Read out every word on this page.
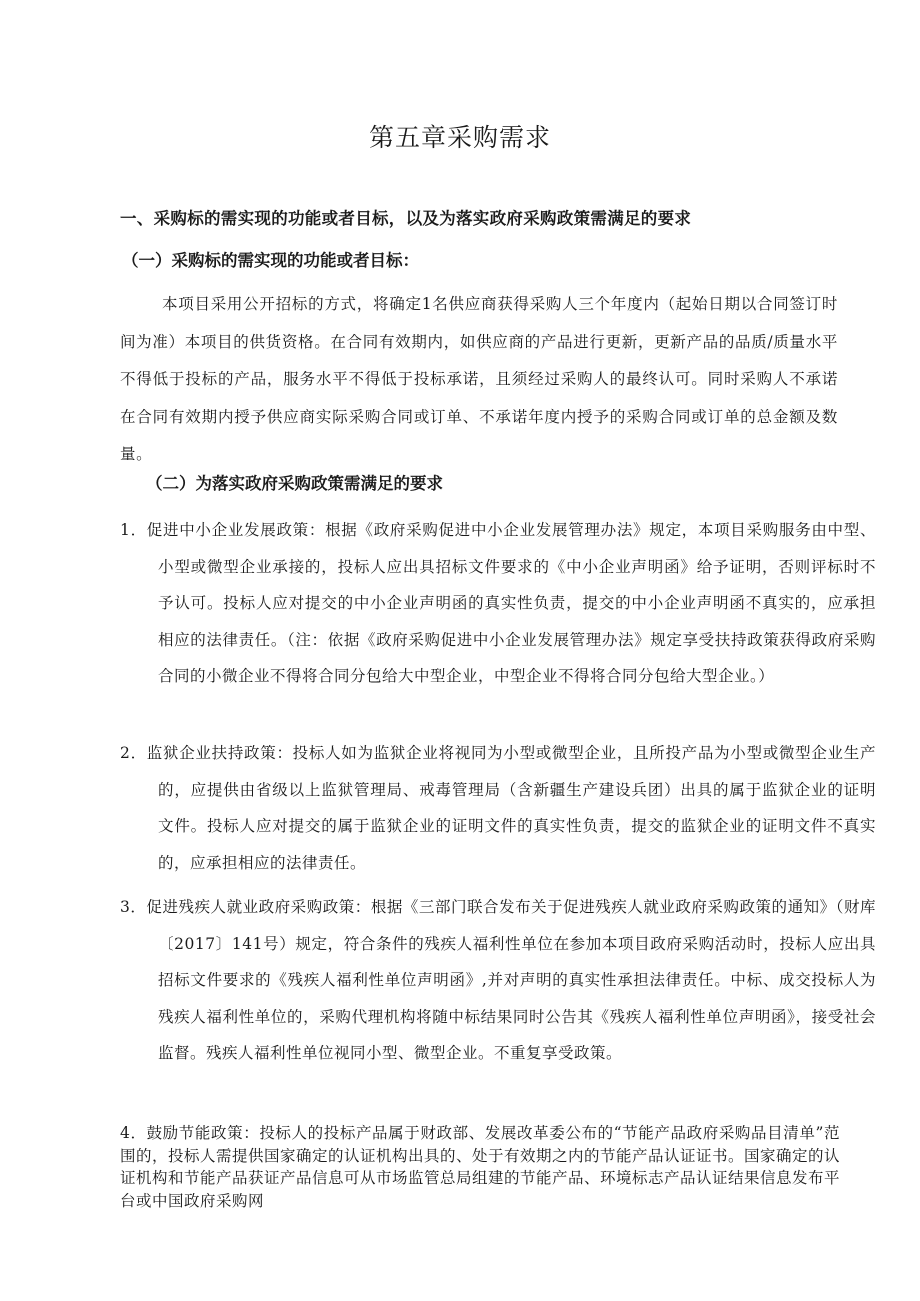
第五章采购需求
一、采购标的需实现的功能或者目标，以及为落实政府采购政策需满足的要求
（一）采购标的需实现的功能或者目标：
本项目采用公开招标的方式，将确定1名供应商获得采购人三个年度内（起始日期以合同签订时间为准）本项目的供货资格。在合同有效期内，如供应商的产品进行更新，更新产品的品质/质量水平不得低于投标的产品，服务水平不得低于投标承诺，且须经过采购人的最终认可。同时采购人不承诺在合同有效期内授予供应商实际采购合同或订单、不承诺年度内授予的采购合同或订单的总金额及数量。
（二）为落实政府采购政策需满足的要求
1．促进中小企业发展政策：根据《政府采购促进中小企业发展管理办法》规定，本项目采购服务由中型、小型或微型企业承接的，投标人应出具招标文件要求的《中小企业声明函》给予证明，否则评标时不予认可。投标人应对提交的中小企业声明函的真实性负责，提交的中小企业声明函不真实的，应承担相应的法律责任。（注：依据《政府采购促进中小企业发展管理办法》规定享受扶持政策获得政府采购合同的小微企业不得将合同分包给大中型企业，中型企业不得将合同分包给大型企业。）
2．监狱企业扶持政策：投标人如为监狱企业将视同为小型或微型企业，且所投产品为小型或微型企业生产的，应提供由省级以上监狱管理局、戒毒管理局（含新疆生产建设兵团）出具的属于监狱企业的证明文件。投标人应对提交的属于监狱企业的证明文件的真实性负责，提交的监狱企业的证明文件不真实的，应承担相应的法律责任。
3．促进残疾人就业政府采购政策：根据《三部门联合发布关于促进残疾人就业政府采购政策的通知》（财库〔2017〕141号）规定，符合条件的残疾人福利性单位在参加本项目政府采购活动时，投标人应出具招标文件要求的《残疾人福利性单位声明函》,并对声明的真实性承担法律责任。中标、成交投标人为残疾人福利性单位的，采购代理机构将随中标结果同时公告其《残疾人福利性单位声明函》，接受社会监督。残疾人福利性单位视同小型、微型企业。不重复享受政策。
4．鼓励节能政策：投标人的投标产品属于财政部、发展改革委公布的“节能产品政府采购品目清单”范围的，投标人需提供国家确定的认证机构出具的、处于有效期之内的节能产品认证证书。国家确定的认证机构和节能产品获证产品信息可从市场监管总局组建的节能产品、环境标志产品认证结果信息发布平台或中国政府采购网
